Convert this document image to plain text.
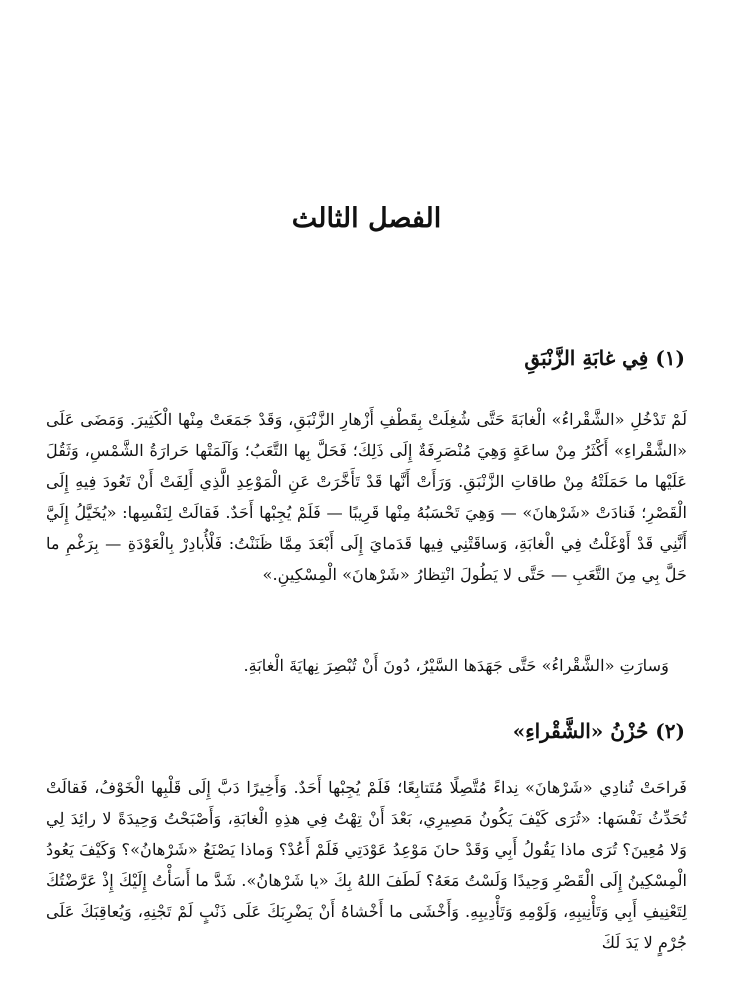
الفصل الثالث
(١) فِي غابَةِ الزَّنْبَقِ

لَمْ تَدْخُلِ «الشَّقْراءُ» الْغابَةَ حَتَّى شُغِلَتْ بِقَطْفِ أَزْهارِ الزَّنْبَقِ، وَقَدْ جَمَعَتْ مِنْها الْكَثِيرَ. وَمَضَى عَلَى «الشَّقْراءِ» أَكْثَرُ مِنْ ساعَةٍ وَهِيَ مُنْصَرِفَةٌ إِلَى ذَلِكَ؛ فَحَلَّ بِها التَّعَبُ؛ وَآلَمَتْها حَرارَةُ الشَّمْسِ، وَثَقُلَ عَلَيْها ما حَمَلَتْهُ مِنْ طاقاتِ الزَّنْبَقِ. وَرَأَتْ أَنَّها قَدْ تَأَخَّرَتْ عَنِ الْمَوْعِدِ الَّذِي أَلِفَتْ أَنْ تَعُودَ فِيهِ إِلَى الْقَصْرِ؛ فَنادَتْ «شَرْهانَ» — وَهِيَ تَحْسَبُهُ مِنْها قَرِيبًا — فَلَمْ يُجِبْها أَحَدٌ. فَقالَتْ لِنَفْسِها: «يُخَيَّلُ إِلَيَّ أَنَّنِي قَدْ أَوْغَلْتُ فِي الْغابَةِ، وَساقَتْنِي فِيها قَدَمايَ إِلَى أَبْعَدَ مِمَّا ظَنَنْتُ: فَلْأُبادِرْ بِالْعَوْدَةِ — بِرَغْمِ ما حَلَّ بِي مِنَ التَّعَبِ — حَتَّى لا يَطُولَ انْتِظارُ «شَرْهانَ» الْمِسْكِينِ.»

وَسارَتِ «الشَّقْراءُ» حَتَّى جَهَدَها السَّيْرُ، دُونَ أَنْ تُبْصِرَ نِهايَةَ الْغابَةِ.

(٢) حُزْنُ «الشَّقْراءِ»

فَراحَتْ تُنادِي «شَرْهانَ» نِداءً مُتَّصِلًا مُتَتابِعًا؛ فَلَمْ يُجِبْها أَحَدٌ. وَأَخِيرًا دَبَّ إِلَى قَلْبِها الْخَوْفُ، فَقالَتْ تُحَدِّثُ نَفْسَها: «تُرَى كَيْفَ يَكُونُ مَصِيرِي، بَعْدَ أَنْ تِهْتُ فِي هذِهِ الْغابَةِ، وَأَصْبَحْتُ وَحِيدَةً لا رائِدَ لِي وَلا مُعِينَ؟ تُرَى ماذا يَقُولُ أَبِي وَقَدْ حانَ مَوْعِدُ عَوْدَتِي فَلَمْ أَعُدْ؟ وَماذا يَصْنَعُ «شَرْهانُ»؟ وَكَيْفَ يَعُودُ الْمِسْكِينُ إِلَى الْقَصْرِ وَحِيدًا وَلَسْتُ مَعَهُ؟ لَطَفَ اللهُ بِكَ «يا شَرْهانُ». شَدَّ ما أَسَأْتُ إِلَيْكَ إِذْ عَرَّضْتُكَ لِتَعْنِيفِ أَبِي وَتَأْنِيبِهِ، وَلَوْمِهِ وَتَأْدِيبِهِ. وَأَخْشَى ما أَخْشاهُ أَنْ يَضْرِبَكَ عَلَى ذَنْبٍ لَمْ تَجْنِهِ، وَيُعاقِبَكَ عَلَى جُرْمٍ لا يَدَ لَكَ
